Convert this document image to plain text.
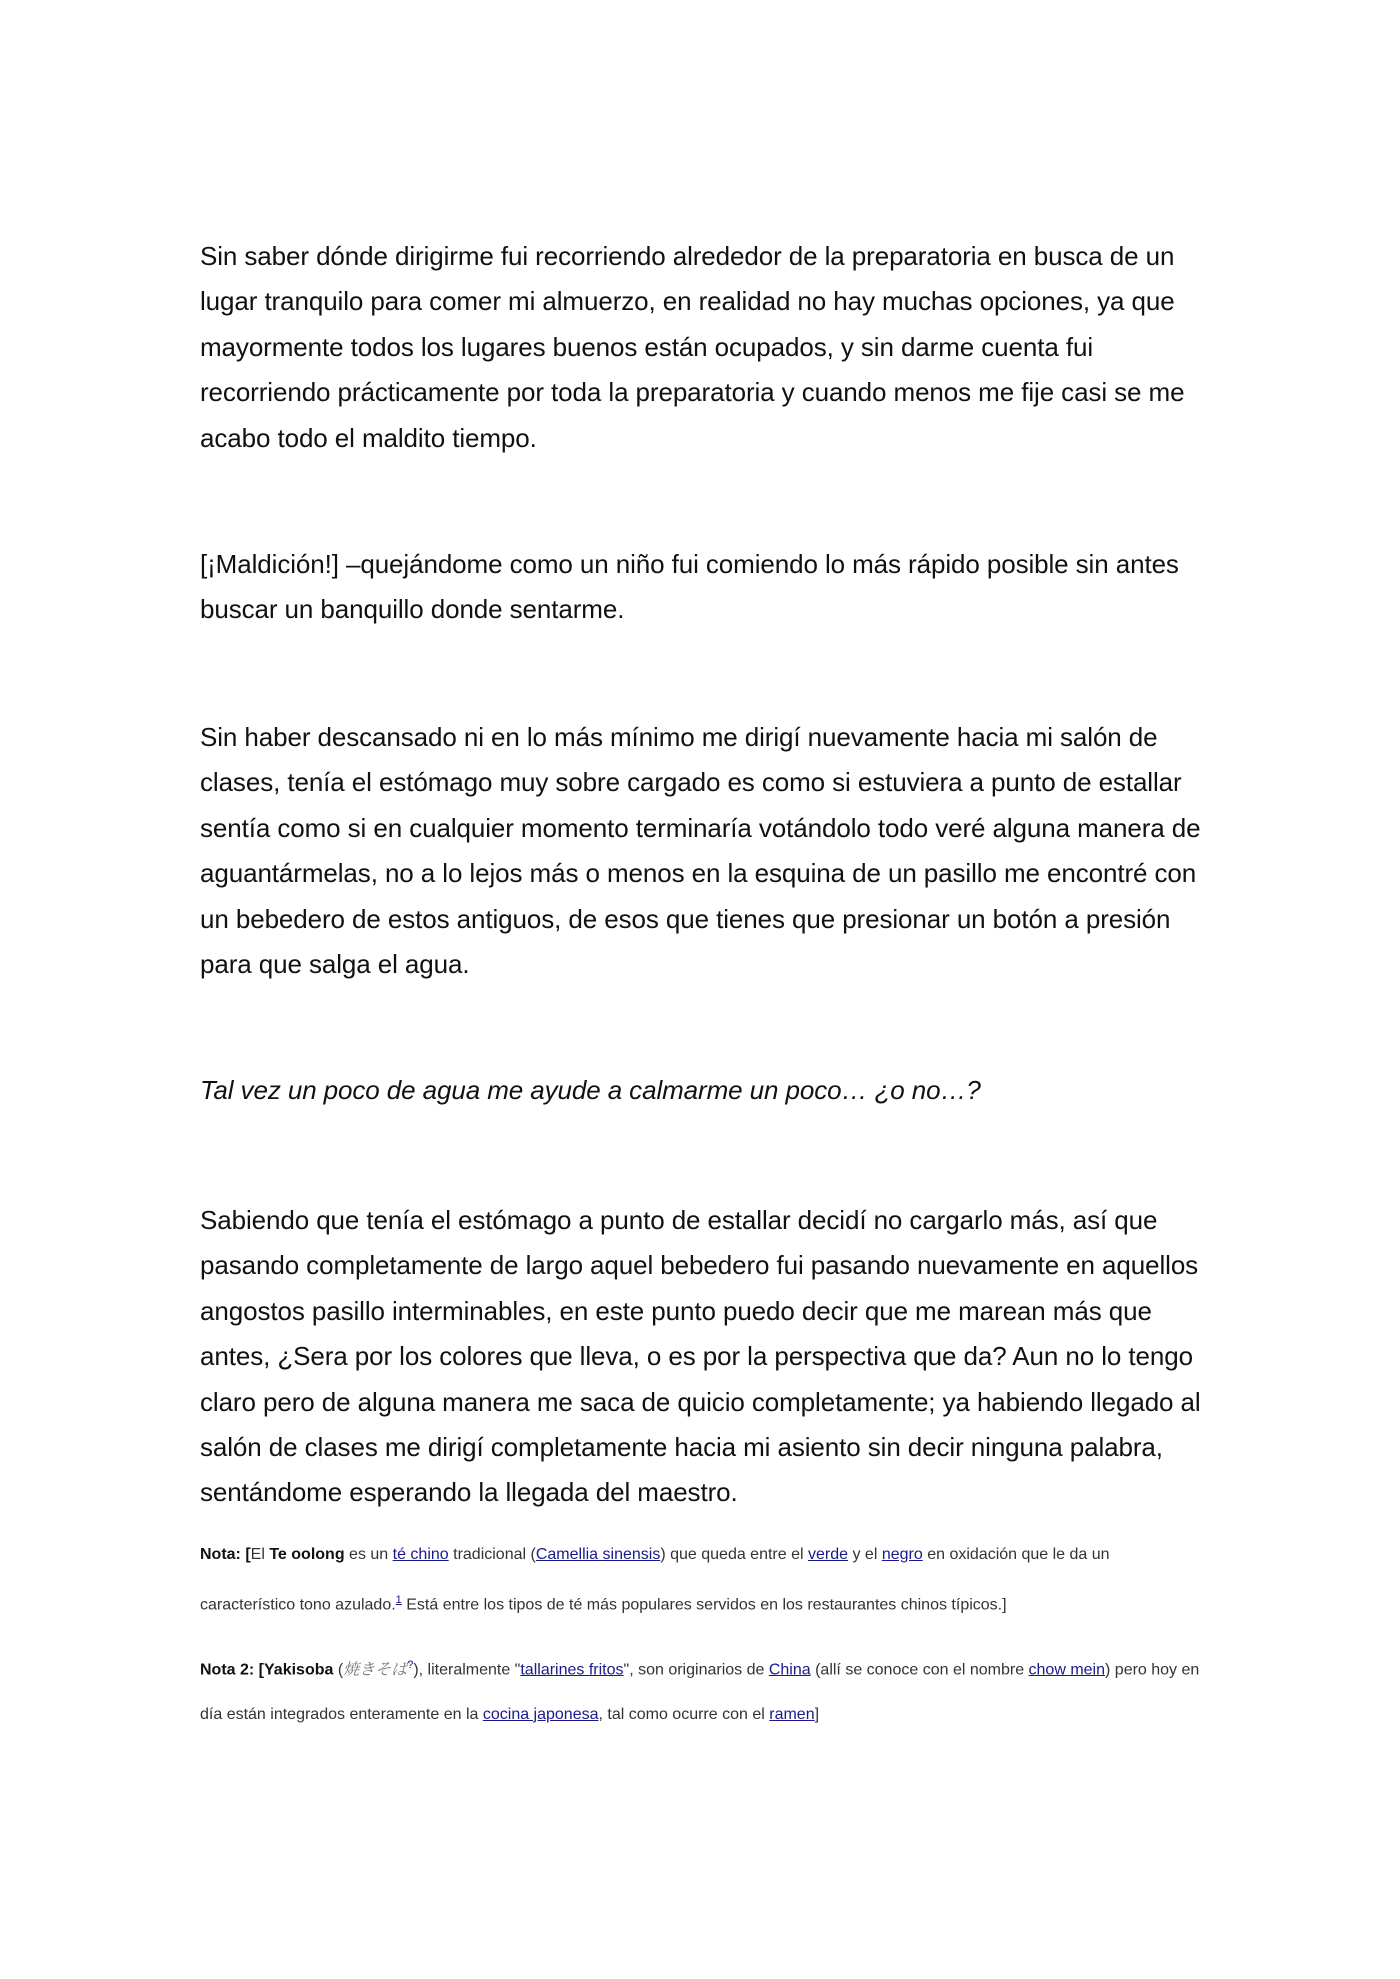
Sin saber dónde dirigirme fui recorriendo alrededor de la preparatoria en busca de un lugar tranquilo para comer mi almuerzo, en realidad no hay muchas opciones, ya que mayormente todos los lugares buenos están ocupados, y sin darme cuenta fui recorriendo prácticamente por toda la preparatoria y cuando menos me fije casi se me acabo todo el maldito tiempo.

[¡Maldición!] –quejándome como un niño fui comiendo lo más rápido posible sin antes buscar un banquillo donde sentarme.

Sin haber descansado ni en lo más mínimo me dirigí nuevamente hacia mi salón de clases, tenía el estómago muy sobre cargado es como si estuviera a punto de estallar sentía como si en cualquier momento terminaría votándolo todo veré alguna manera de aguantármelas, no a lo lejos más o menos en la esquina de un pasillo me encontré con un bebedero de estos antiguos, de esos que tienes que presionar un botón a presión para que salga el agua.

Tal vez un poco de agua me ayude a calmarme un poco… ¿o no…?

Sabiendo que tenía el estómago a punto de estallar decidí no cargarlo más, así que pasando completamente de largo aquel bebedero fui pasando nuevamente en aquellos angostos pasillo interminables, en este punto puedo decir que me marean más que antes, ¿Sera por los colores que lleva, o es por la perspectiva que da? Aun no lo tengo claro pero de alguna manera me saca de quicio completamente; ya habiendo llegado al salón de clases me dirigí completamente hacia mi asiento sin decir ninguna palabra, sentándome esperando la llegada del maestro.

Nota: [El Te oolong es un té chino tradicional (Camellia sinensis) que queda entre el verde y el negro en oxidación que le da un característico tono azulado.$^1$ Está entre los tipos de té más populares servidos en los restaurantes chinos típicos.]

Nota 2: [Yakisoba (焼きそば?), literalmente "tallarines fritos", son originarios de China (allí se conoce con el nombre chow mein) pero hoy en día están integrados enteramente en la cocina japonesa, tal como ocurre con el ramen]
